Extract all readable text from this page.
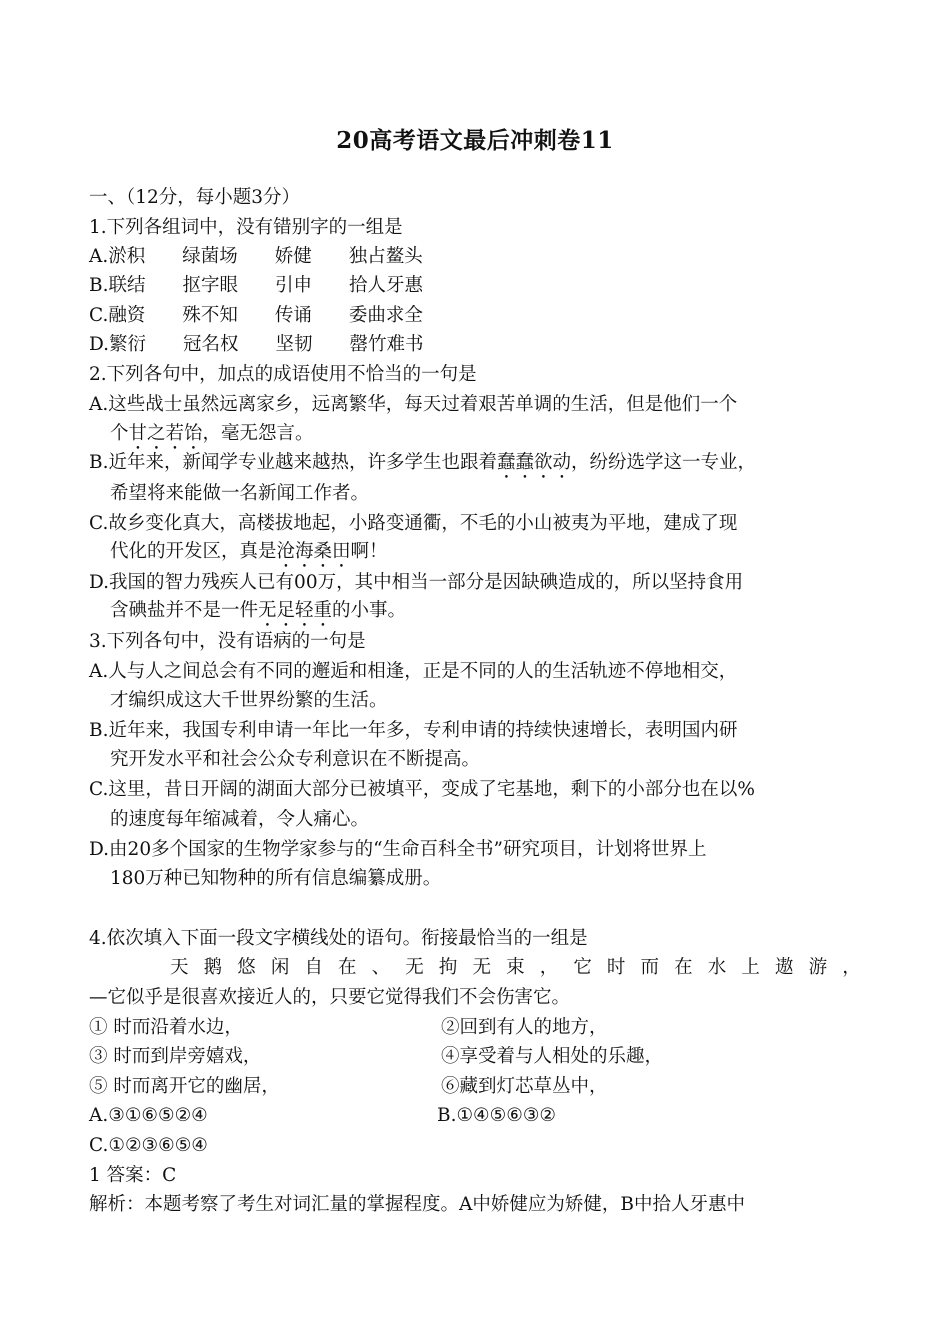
20高考语文最后冲刺卷11
一、（12分，每小题3分）
1.下列各组词中，没有错别字的一组是
A.淤积　　绿菌场　　娇健　　独占鳌头
B.联结　　抠字眼　　引申　　拾人牙惠
C.融资　　殊不知　　传诵　　委曲求全
D.繁衍　　冠名权　　坚韧　　罄竹难书
2.下列各句中，加点的成语使用不恰当的一句是
A.这些战士虽然远离家乡，远离繁华，每天过着艰苦单调的生活，但是他们一个
个甘之若饴，毫无怨言。
B.近年来，新闻学专业越来越热，许多学生也跟着蠢蠢欲动，纷纷选学这一专业，
希望将来能做一名新闻工作者。
C.故乡变化真大，高楼拔地起，小路变通衢，不毛的小山被夷为平地，建成了现
代化的开发区，真是沧海桑田啊！
D.我国的智力残疾人已有00万，其中相当一部分是因缺碘造成的，所以坚持食用
含碘盐并不是一件无足轻重的小事。
3.下列各句中，没有语病的一句是
A.人与人之间总会有不同的邂逅和相逢，正是不同的人的生活轨迹不停地相交，
才编织成这大千世界纷繁的生活。
B.近年来，我国专利申请一年比一年多，专利申请的持续快速增长，表明国内研
究开发水平和社会公众专利意识在不断提高。
C.这里，昔日开阔的湖面大部分已被填平，变成了宅基地，剩下的小部分也在以%
的速度每年缩减着，令人痛心。
D.由20多个国家的生物学家参与的“生命百科全书”研究项目，计划将世界上
180万种已知物种的所有信息编纂成册。
4.依次填入下面一段文字横线处的语句。衔接最恰当的一组是
天 鹅 悠 闲 自 在 、 无 拘 无 束 ， 它 时 而 在 水 上 遨 游 ，
—它似乎是很喜欢接近人的，只要它觉得我们不会伤害它。
① 时而沿着水边，	②回到有人的地方，
③ 时而到岸旁嬉戏，	④享受着与人相处的乐趣，
⑤ 时而离开它的幽居，	⑥藏到灯芯草丛中，
A.③①⑥⑤②④	B.①④⑤⑥③②
C.①②③⑥⑤④
1 答案：C
解析：本题考察了考生对词汇量的掌握程度。A中娇健应为矫健，B中拾人牙惠中
